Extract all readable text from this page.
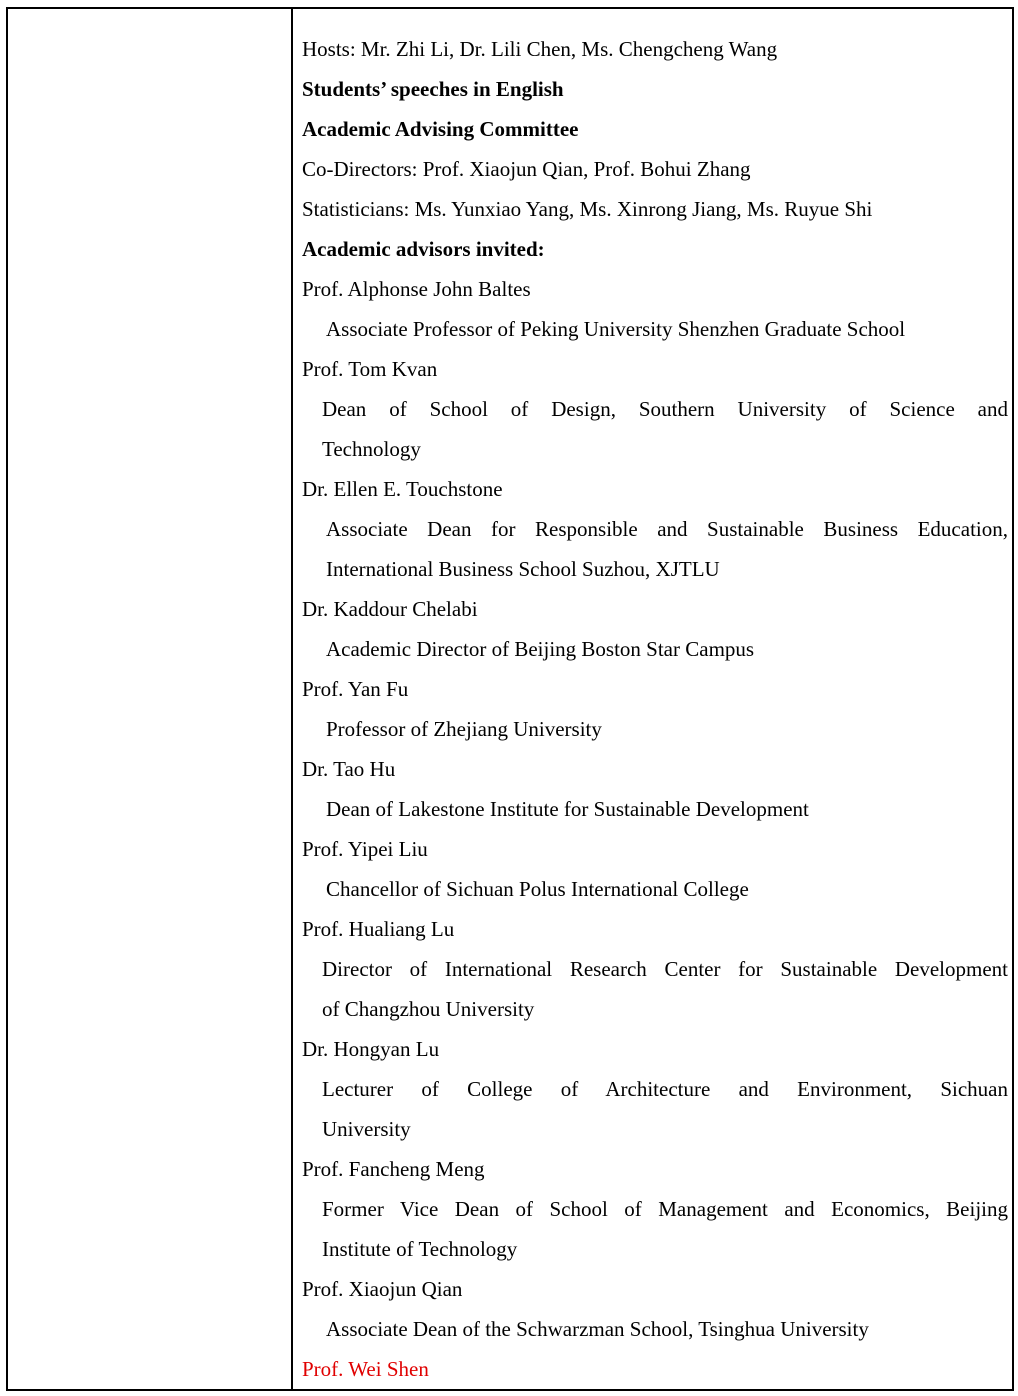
Hosts: Mr. Zhi Li, Dr. Lili Chen, Ms. Chengcheng Wang
Students’ speeches in English
Academic Advising Committee
Co-Directors: Prof. Xiaojun Qian, Prof. Bohui Zhang
Statisticians: Ms. Yunxiao Yang, Ms. Xinrong Jiang, Ms. Ruyue Shi
Academic advisors invited:
Prof. Alphonse John Baltes
Associate Professor of Peking University Shenzhen Graduate School
Prof. Tom Kvan
Dean of School of Design, Southern University of Science and
Technology
Dr. Ellen E. Touchstone
Associate Dean for Responsible and Sustainable Business Education,
International Business School Suzhou, XJTLU
Dr. Kaddour Chelabi
Academic Director of Beijing Boston Star Campus
Prof. Yan Fu
Professor of Zhejiang University
Dr. Tao Hu
Dean of Lakestone Institute for Sustainable Development
Prof. Yipei Liu
Chancellor of Sichuan Polus International College
Prof. Hualiang Lu
Director of International Research Center for Sustainable Development
of Changzhou University
Dr. Hongyan Lu
Lecturer of College of Architecture and Environment, Sichuan
University
Prof. Fancheng Meng
Former Vice Dean of School of Management and Economics, Beijing
Institute of Technology
Prof. Xiaojun Qian
Associate Dean of the Schwarzman School, Tsinghua University
Prof. Wei Shen
